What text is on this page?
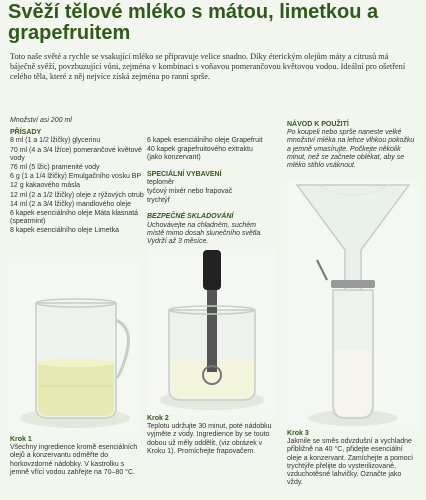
Svěží tělové mléko s mátou, limetkou a grapefruitem
Toto naše světé a rychle se vsakující mléko se připravuje velice snadno. Díky éterickým olejům máty a citrusů má báječně svěží, povzbuzující vůni, zejména v kombinaci s voňavou pomerančovou květovou vodou. Ideální pro ošetření celého těla, které z něj nejvíce získá zejména po ranní sprše.
Množství asi 200 ml
PŘÍSADY
8 ml (1 a 1/2 lžičky) glycerinu
70 ml (4 a 3/4 lžíce) pomerančové květové vody
76 ml (5 lžic) pramenité vody
6 g (1 a 1/4 lžičky) Emulgačního vosku BP
12 g kakaového másla
12 ml (2 a 1/2 lžičky) oleje z rýžových otrub
14 ml (2 a 3/4 lžičky) mandlového oleje
6 kapek esenciálního oleje Máta klasnatá (spearmint)
8 kapek esenciálního oleje Limetka
6 kapek esenciálního oleje Grapefruit
40 kapek grapefruitového extraktu (jako konzervant)
SPECIÁLNÍ VYBAVENÍ
teploměr
tyčový mixér nebo frapovač
trychtýř
BEZPEČNÉ SKLADOVÁNÍ
Uchovávejte na chladném, suchém místě mimo dosah slunečního světla. Vydrží až 3 měsíce.
NÁVOD K POUŽITÍ
Po koupeli nebo sprše naneste velké množství mléka na lehce vlhkou pokožku a jemně vmasírujte. Počkejte několik minut, než se začnete oblékat, aby se mléko stihlo vsáknout.
Krok 1
Všechny ingredience kromě esenciálních olejů a konzervantu odměřte do horkovzdorné nádobky. V kastrolku s jemně vřící vodou zahřejte na 70–80 °C.
Krok 2
Teplotu udržujte 30 minut, poté nádobku vyjměte z vody. Ingredience by se touto dobou už měly oddělit, (viz obrázek v Kroku 1). Promíchejte frapovačem.
Krok 3
Jakmile se směs odvzdušní a vychladne přibližně na 40 °C, přidejte esenciální oleje a konzervant. Zamíchejte a pomocí trychtýře přelijte do vysterilizované, vzduchotěsné lahvičky. Označte jako vždy.
